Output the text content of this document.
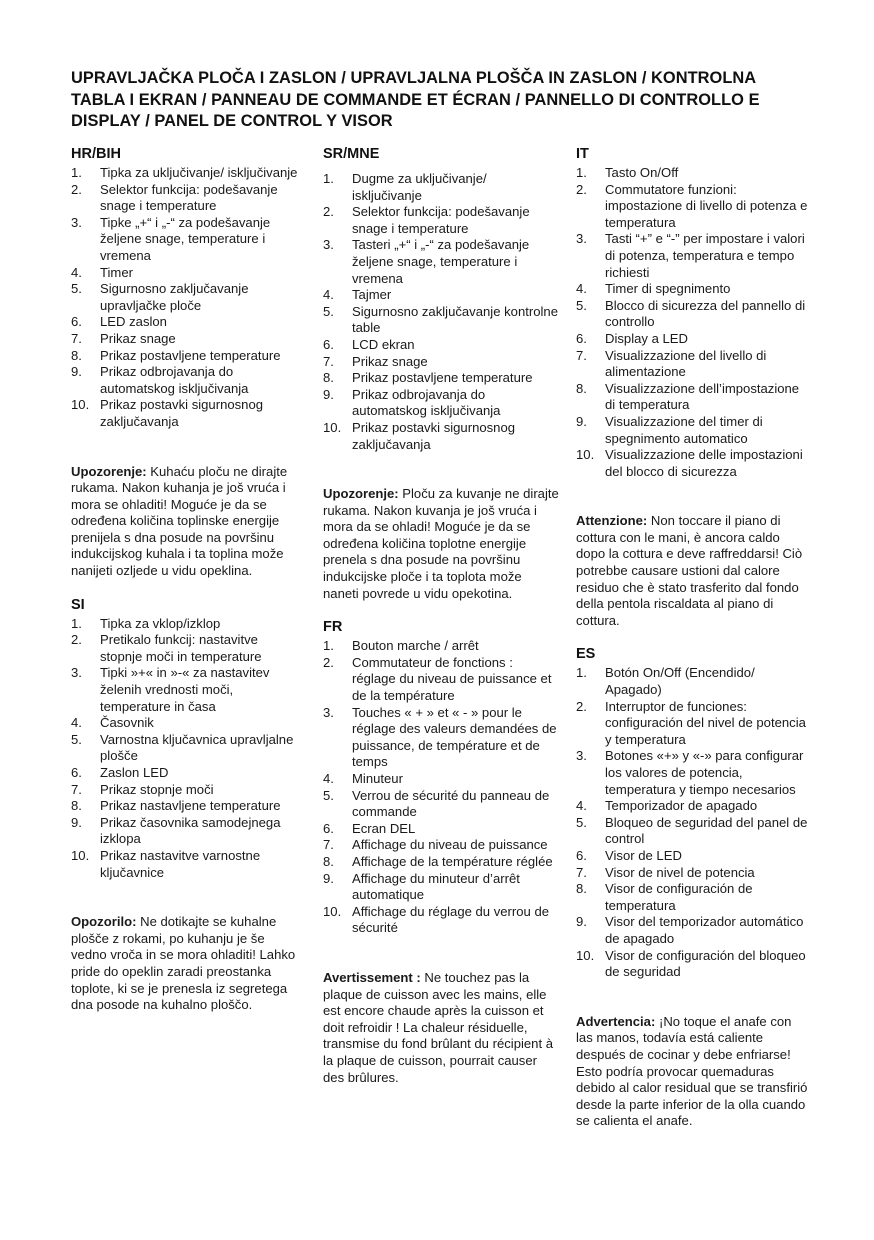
UPRAVLJAČKA PLOČA I ZASLON / UPRAVLJALNA PLOŠČA IN ZASLON / KONTROLNA TABLA I EKRAN / PANNEAU DE COMMANDE ET ÉCRAN / PANNELLO DI CONTROLLO E DISPLAY / PANEL DE CONTROL Y VISOR
HR/BIH
1. Tipka za uključivanje/ isključivanje
2. Selektor funkcija: podešavanje snage i temperature
3. Tipke „+“ i „-“ za podešavanje željene snage, temperature i vremena
4. Timer
5. Sigurnosno zaključavanje upravljačke ploče
6. LED zaslon
7. Prikaz snage
8. Prikaz postavljene temperature
9. Prikaz odbrojavanja do automatskog isključivanja
10. Prikaz postavki sigurnosnog zaključavanja

Upozorenje: Kuhaću ploču ne dirajte rukama. Nakon kuhanja je još vruća i mora se ohladiti! Moguće je da se određena količina toplinske energije prenijela s dna posude na površinu indukcijskog kuhala i ta toplina može nanijeti ozljede u vidu opeklina.

SI
1. Tipka za vklop/izklop
2. Pretikalo funkcij: nastavitve stopnje moči in temperature
3. Tipki »+« in »-« za nastavitev želenih vrednosti moči, temperature in časa
4. Časovnik
5. Varnostna ključavnica upravljalne plošče
6. Zaslon LED
7. Prikaz stopnje moči
8. Prikaz nastavljene temperature
9. Prikaz časovnika samodejnega izklopa
10. Prikaz nastavitve varnostne ključavnice

Opozorilo: Ne dotikajte se kuhalne plošče z rokami, po kuhanju je še vedno vroča in se mora ohladiti! Lahko pride do opeklin zaradi preostanka toplote, ki se je prenesla iz segretega dna posode na kuhalno ploščo.

SR/MNE
1. Dugme za uključivanje/ isključivanje
2. Selektor funkcija: podešavanje snage i temperature
3. Tasteri „+“ i „-“ za podešavanje željene snage, temperature i vremena
4. Tajmer
5. Sigurnosno zaključavanje kontrolne table
6. LCD ekran
7. Prikaz snage
8. Prikaz postavljene temperature
9. Prikaz odbrojavanja do automatskog isključivanja
10. Prikaz postavki sigurnosnog zaključavanja

Upozorenje: Ploču za kuvanje ne dirajte rukama. Nakon kuvanja je još vruća i mora da se ohladi! Moguće je da se određena količina toplotne energije prenela s dna posude na površinu indukcijske ploče i ta toplota može naneti povrede u vidu opekotina.

FR
1. Bouton marche / arrêt
2. Commutateur de fonctions : réglage du niveau de puissance et de la température
3. Touches « + » et « - » pour le réglage des valeurs demandées de puissance, de température et de temps
4. Minuteur
5. Verrou de sécurité du panneau de commande
6. Ecran DEL
7. Affichage du niveau de puissance
8. Affichage de la température réglée
9. Affichage du minuteur d’arrêt automatique
10. Affichage du réglage du verrou de sécurité

Avertissement : Ne touchez pas la plaque de cuisson avec les mains, elle est encore chaude après la cuisson et doit refroidir ! La chaleur résiduelle, transmise du fond brûlant du récipient à la plaque de cuisson, pourrait causer des brûlures.

IT
1. Tasto On/Off
2. Commutatore funzioni: impostazione di livello di potenza e temperatura
3. Tasti “+” e “-” per impostare i valori di potenza, temperatura e tempo richiesti
4. Timer di spegnimento
5. Blocco di sicurezza del pannello di controllo
6. Display a LED
7. Visualizzazione del livello di alimentazione
8. Visualizzazione dell’impostazione di temperatura
9. Visualizzazione del timer di spegnimento automatico
10. Visualizzazione delle impostazioni del blocco di sicurezza

Attenzione: Non toccare il piano di cottura con le mani, è ancora caldo dopo la cottura e deve raffreddarsi! Ciò potrebbe causare ustioni dal calore residuo che è stato trasferito dal fondo della pentola riscaldata al piano di cottura.

ES
1. Botón On/Off (Encendido/ Apagado)
2. Interruptor de funciones: configuración del nivel de potencia y temperatura
3. Botones «+» y «-» para configurar los valores de potencia, temperatura y tiempo necesarios
4. Temporizador de apagado
5. Bloqueo de seguridad del panel de control
6. Visor de LED
7. Visor de nivel de potencia
8. Visor de configuración de temperatura
9. Visor del temporizador automático de apagado
10. Visor de configuración del bloqueo de seguridad

Advertencia: ¡No toque el anafe con las manos, todavía está caliente después de cocinar y debe enfriarse! Esto podría provocar quemaduras debido al calor residual que se transfirió desde la parte inferior de la olla cuando se calienta el anafe.
